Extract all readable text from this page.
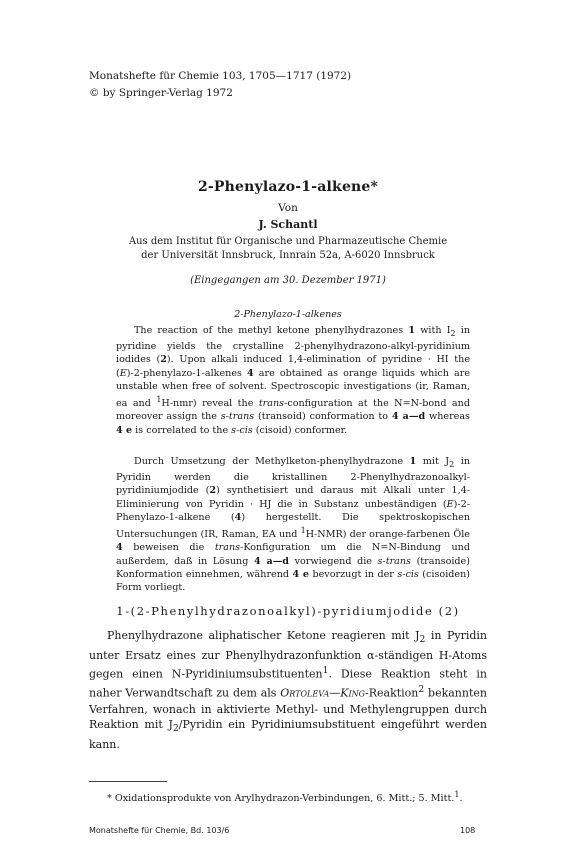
Monatshefte für Chemie 103, 1705—1717 (1972)
© by Springer-Verlag 1972
2-Phenylazo-1-alkene*
Von
J. Schantl
Aus dem Institut für Organische und Pharmazeutische Chemie
der Universität Innsbruck, Innrain 52a, A-6020 Innsbruck
(Eingegangen am 30. Dezember 1971)
2-Phenylazo-1-alkenes

The reaction of the methyl ketone phenylhydrazones 1 with $I_2$ in pyridine yields the crystalline 2-phenylhydrazono-alkyl-pyridinium iodides (2). Upon alkali induced 1,4-elimination of pyridine · HI the (E)-2-phenylazo-1-alkenes 4 are obtained as orange liquids which are unstable when free of solvent. Spectroscopic investigations (ir, Raman, ea and $^1$H-nmr) reveal the trans-configuration at the N=N-bond and moreover assign the s-trans (transoid) conformation to 4 a—d whereas 4 e is correlated to the s-cis (cisoid) conformer.

Durch Umsetzung der Methylketon-phenylhydrazone 1 mit $J_2$ in Pyridin werden die kristallinen 2-Phenylhydrazonoalkyl-pyridiniumjodide (2) synthetisiert und daraus mit Alkali unter 1,4-Eliminierung von Pyridin · HJ die in Substanz unbeständigen (E)-2-Phenylazo-1-alkene (4) hergestellt. Die spektroskopischen Untersuchungen (IR, Raman, EA und $^1$H-NMR) der orange-farbenen Öle 4 beweisen die trans-Konfiguration um die N=N-Bindung und außerdem, daß in Lösung 4 a—d vorwiegend die s-trans (transoide) Konformation einnehmen, während 4 e bevorzugt in der s-cis (cisoiden) Form vorliegt.

1-(2-Phenylhydrazonoalkyl)-pyridiumjodide (2)

Phenylhydrazone aliphatischer Ketone reagieren mit $J_2$ in Pyridin unter Ersatz eines zur Phenylhydrazonfunktion α-ständigen H-Atoms gegen einen N-Pyridiniumsubstituenten$^1$. Diese Reaktion steht in naher Verwandtschaft zu dem als Ortoleva—King-Reaktion$^2$ bekannten Verfahren, wonach in aktivierte Methyl- und Methylengruppen durch Reaktion mit $J_2$/Pyridin ein Pyridiniumsubstituent eingeführt werden kann.

* Oxidationsprodukte von Arylhydrazon-Verbindungen, 6. Mitt.; 5. Mitt.$^1$.

Monatshefte für Chemie, Bd. 103/6	108
